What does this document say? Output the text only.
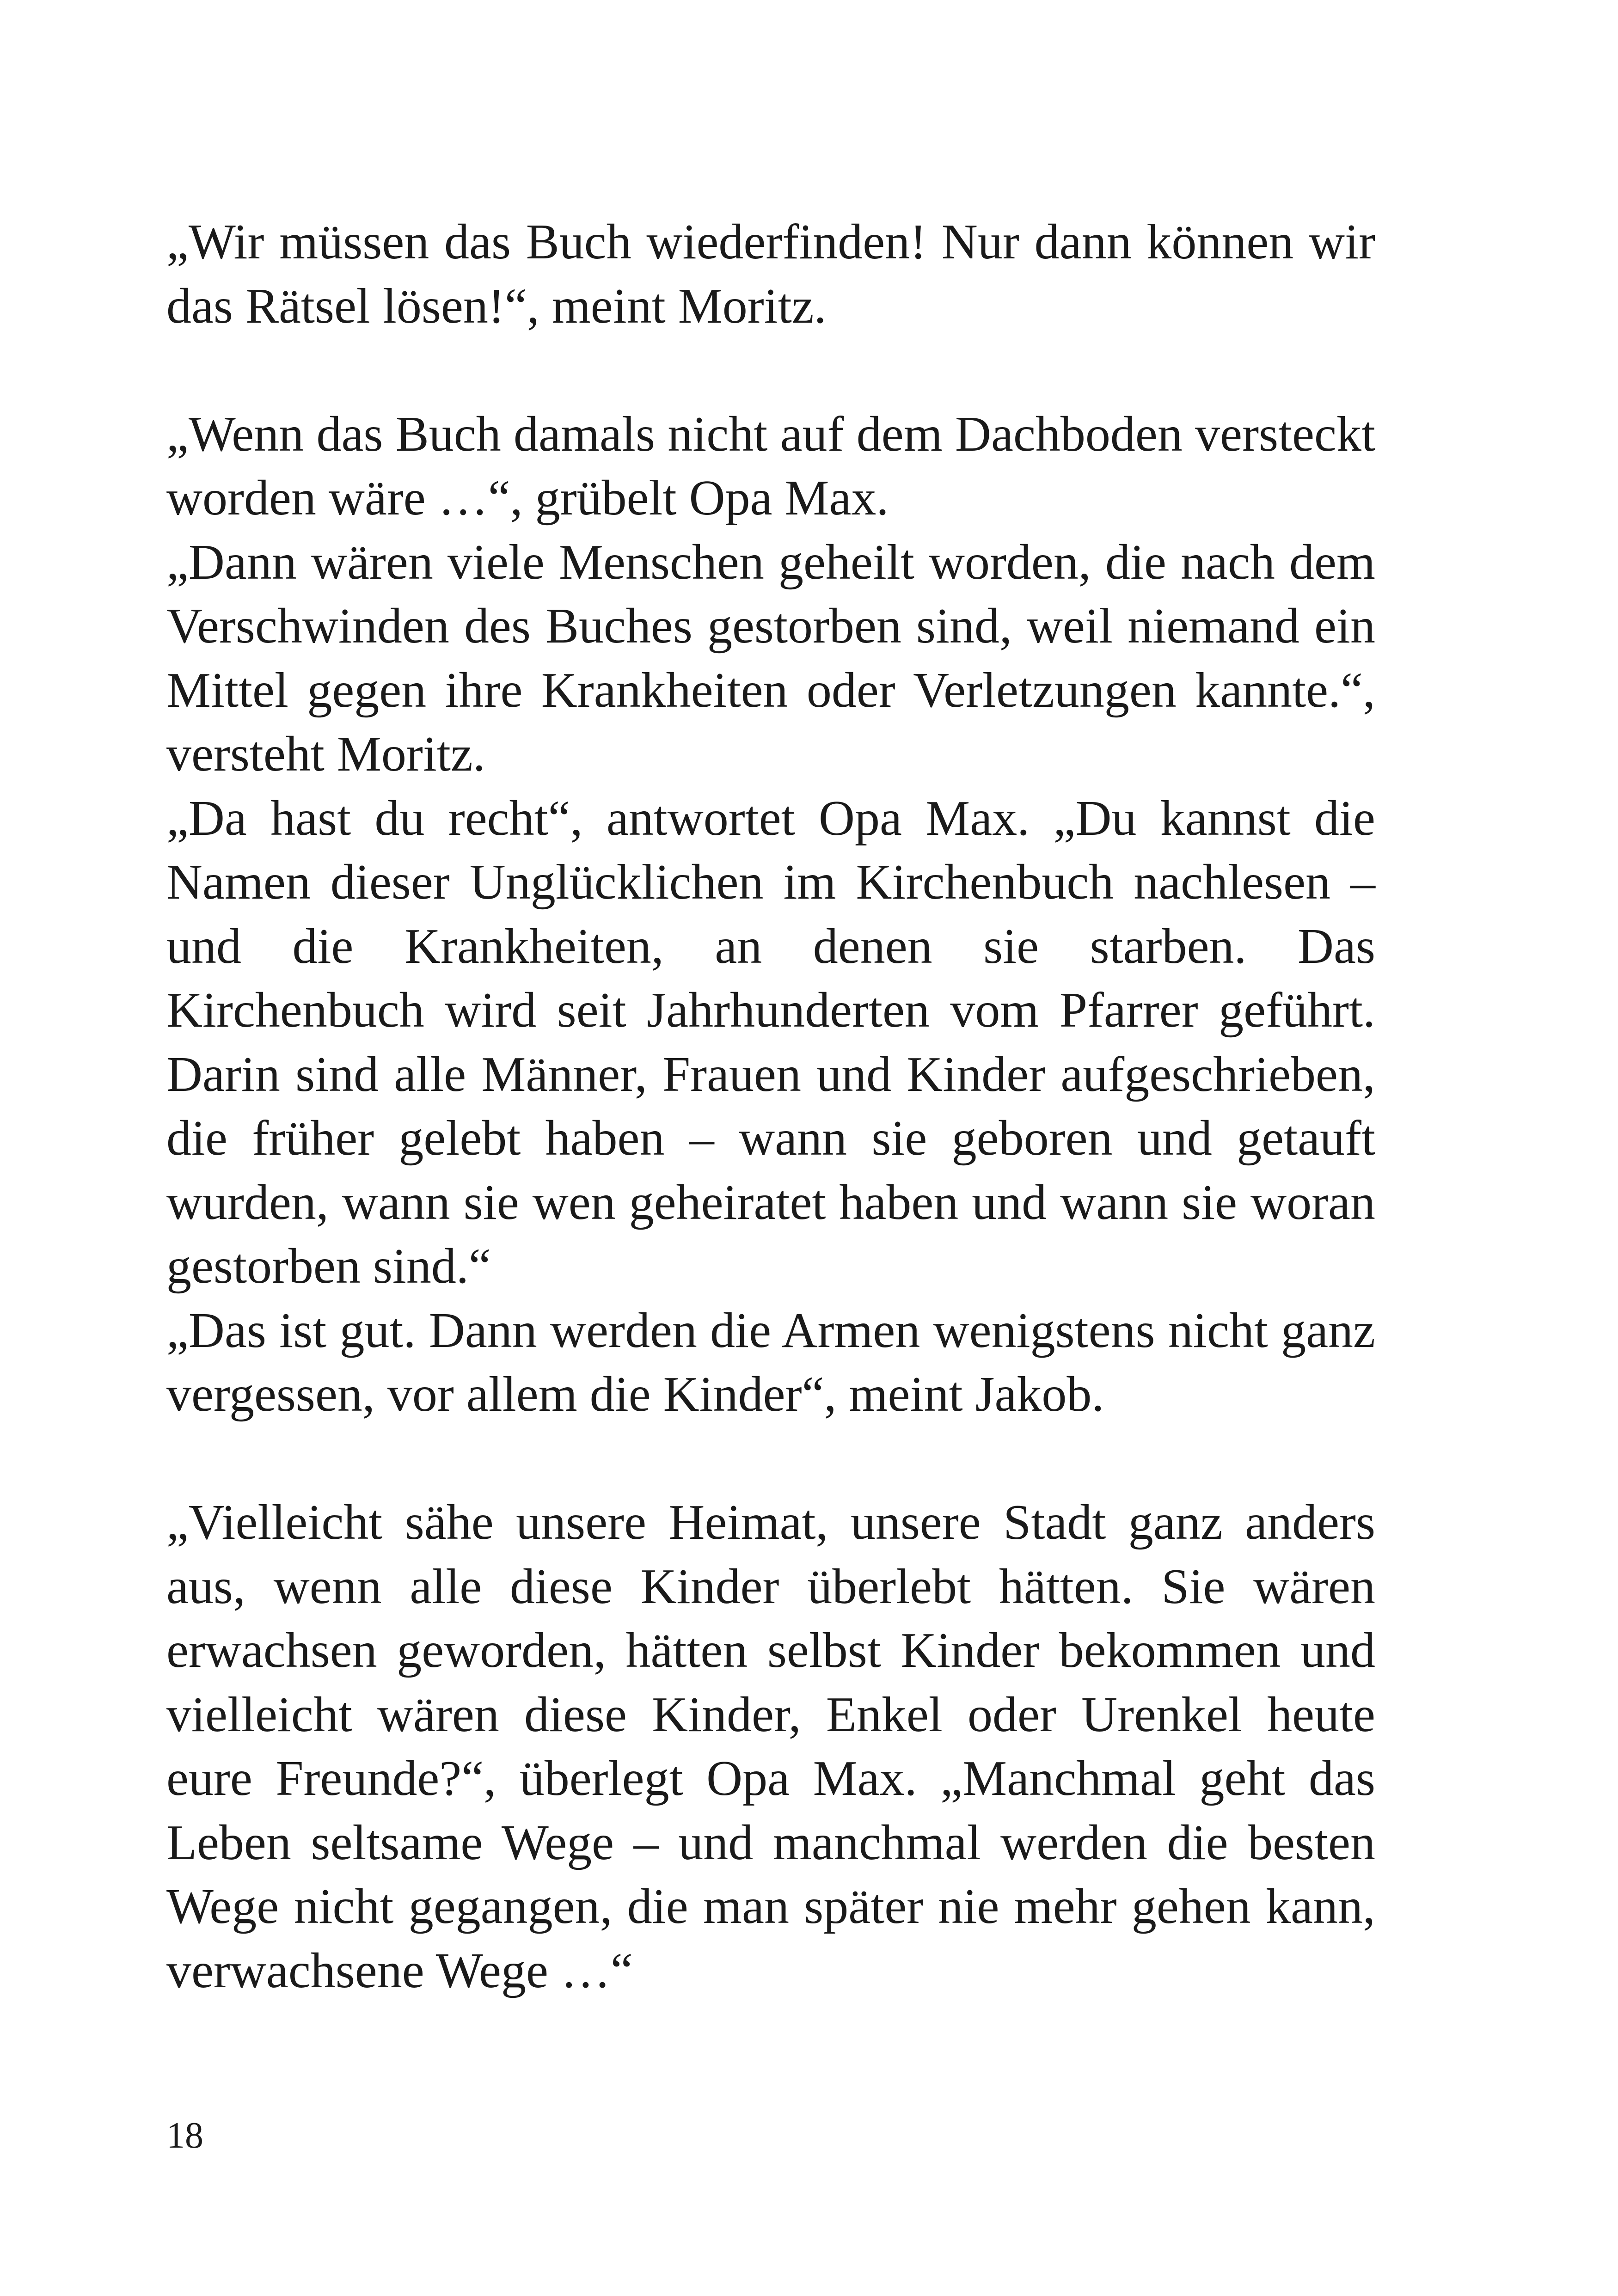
„Wir müssen das Buch wiederfinden! Nur dann können wir das Rätsel lösen!“, meint Moritz.

„Wenn das Buch damals nicht auf dem Dachboden versteckt worden wäre …“, grübelt Opa Max.

„Dann wären viele Menschen geheilt worden, die nach dem Verschwinden des Buches gestorben sind, weil niemand ein Mittel gegen ihre Krankheiten oder Verletzungen kannte.“, versteht Moritz.

„Da hast du recht“, antwortet Opa Max. „Du kannst die Namen dieser Unglücklichen im Kirchenbuch nachlesen – und die Krankheiten, an denen sie starben. Das Kirchenbuch wird seit Jahrhunderten vom Pfarrer geführt. Darin sind alle Männer, Frauen und Kinder aufgeschrieben, die früher gelebt haben – wann sie geboren und getauft wurden, wann sie wen geheiratet haben und wann sie woran gestorben sind.“

„Das ist gut. Dann werden die Armen wenigstens nicht ganz vergessen, vor allem die Kinder“, meint Jakob.

„Vielleicht sähe unsere Heimat, unsere Stadt ganz anders aus, wenn alle diese Kinder überlebt hätten. Sie wären erwachsen geworden, hätten selbst Kinder bekommen und vielleicht wären diese Kinder, Enkel oder Urenkel heute eure Freunde?“, überlegt Opa Max. „Manchmal geht das Leben seltsame Wege – und manchmal werden die besten Wege nicht gegangen, die man später nie mehr gehen kann, verwachsene Wege …“

18
